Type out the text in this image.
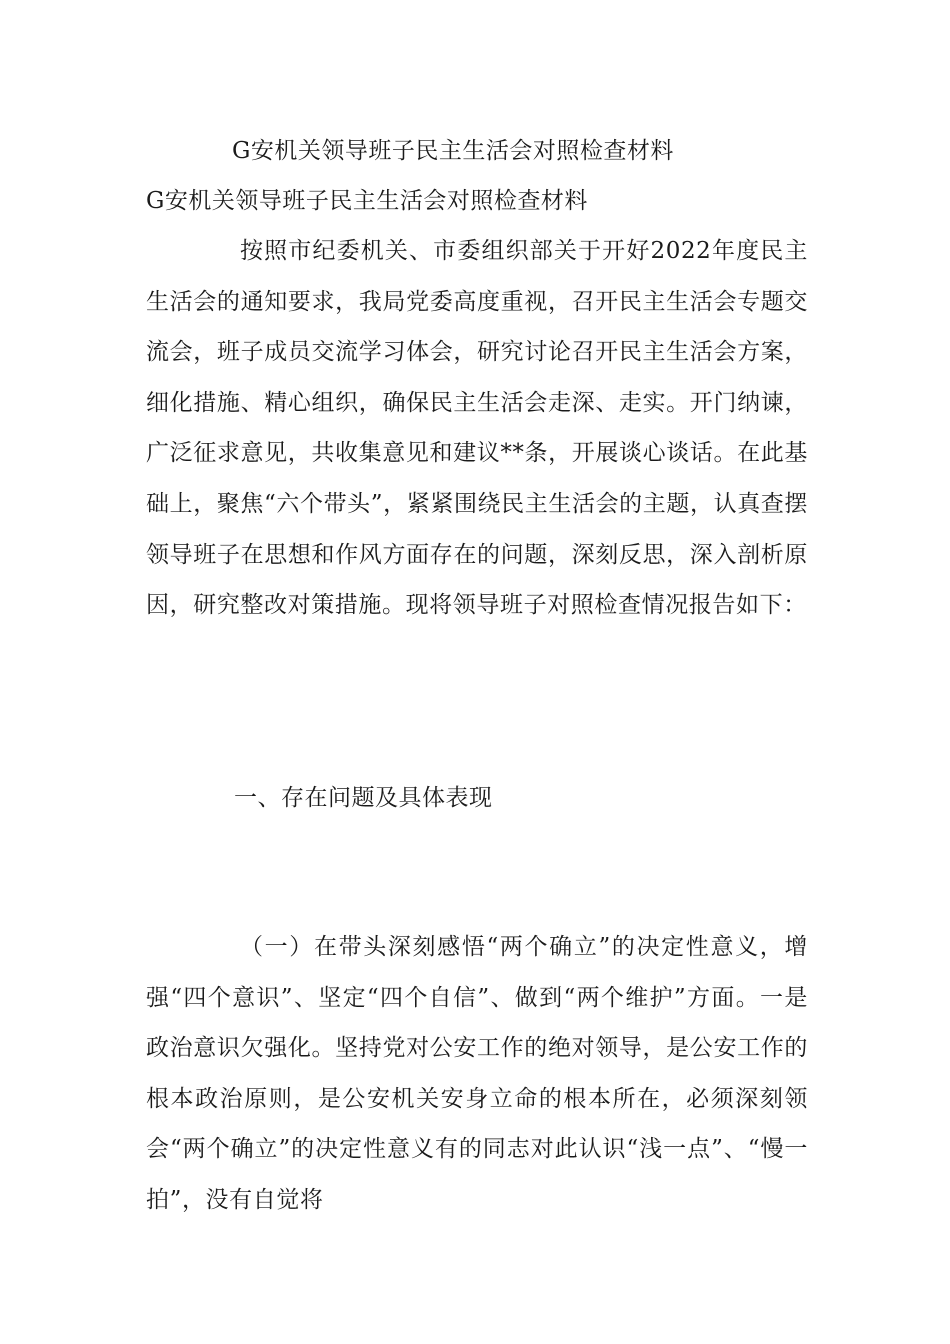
G安机关领导班子民主生活会对照检查材料
G安机关领导班子民主生活会对照检查材料

按照市纪委机关、市委组织部关于开好2022年度民主生活会的通知要求，我局党委高度重视，召开民主生活会专题交流会，班子成员交流学习体会，研究讨论召开民主生活会方案，细化措施、精心组织，确保民主生活会走深、走实。开门纳谏，广泛征求意见，共收集意见和建议**条，开展谈心谈话。在此基础上，聚焦“六个带头”，紧紧围绕民主生活会的主题，认真查摆领导班子在思想和作风方面存在的问题，深刻反思，深入剖析原因，研究整改对策措施。现将领导班子对照检查情况报告如下：

一、存在问题及具体表现

（一）在带头深刻感悟“两个确立”的决定性意义，增强“四个意识”、坚定“四个自信”、做到“两个维护”方面。一是政治意识欠强化。坚持党对公安工作的绝对领导，是公安工作的根本政治原则，是公安机关安身立命的根本所在，必须深刻领会“两个确立”的决定性意义有的同志对此认识“浅一点”、“慢一拍”，没有自觉将
